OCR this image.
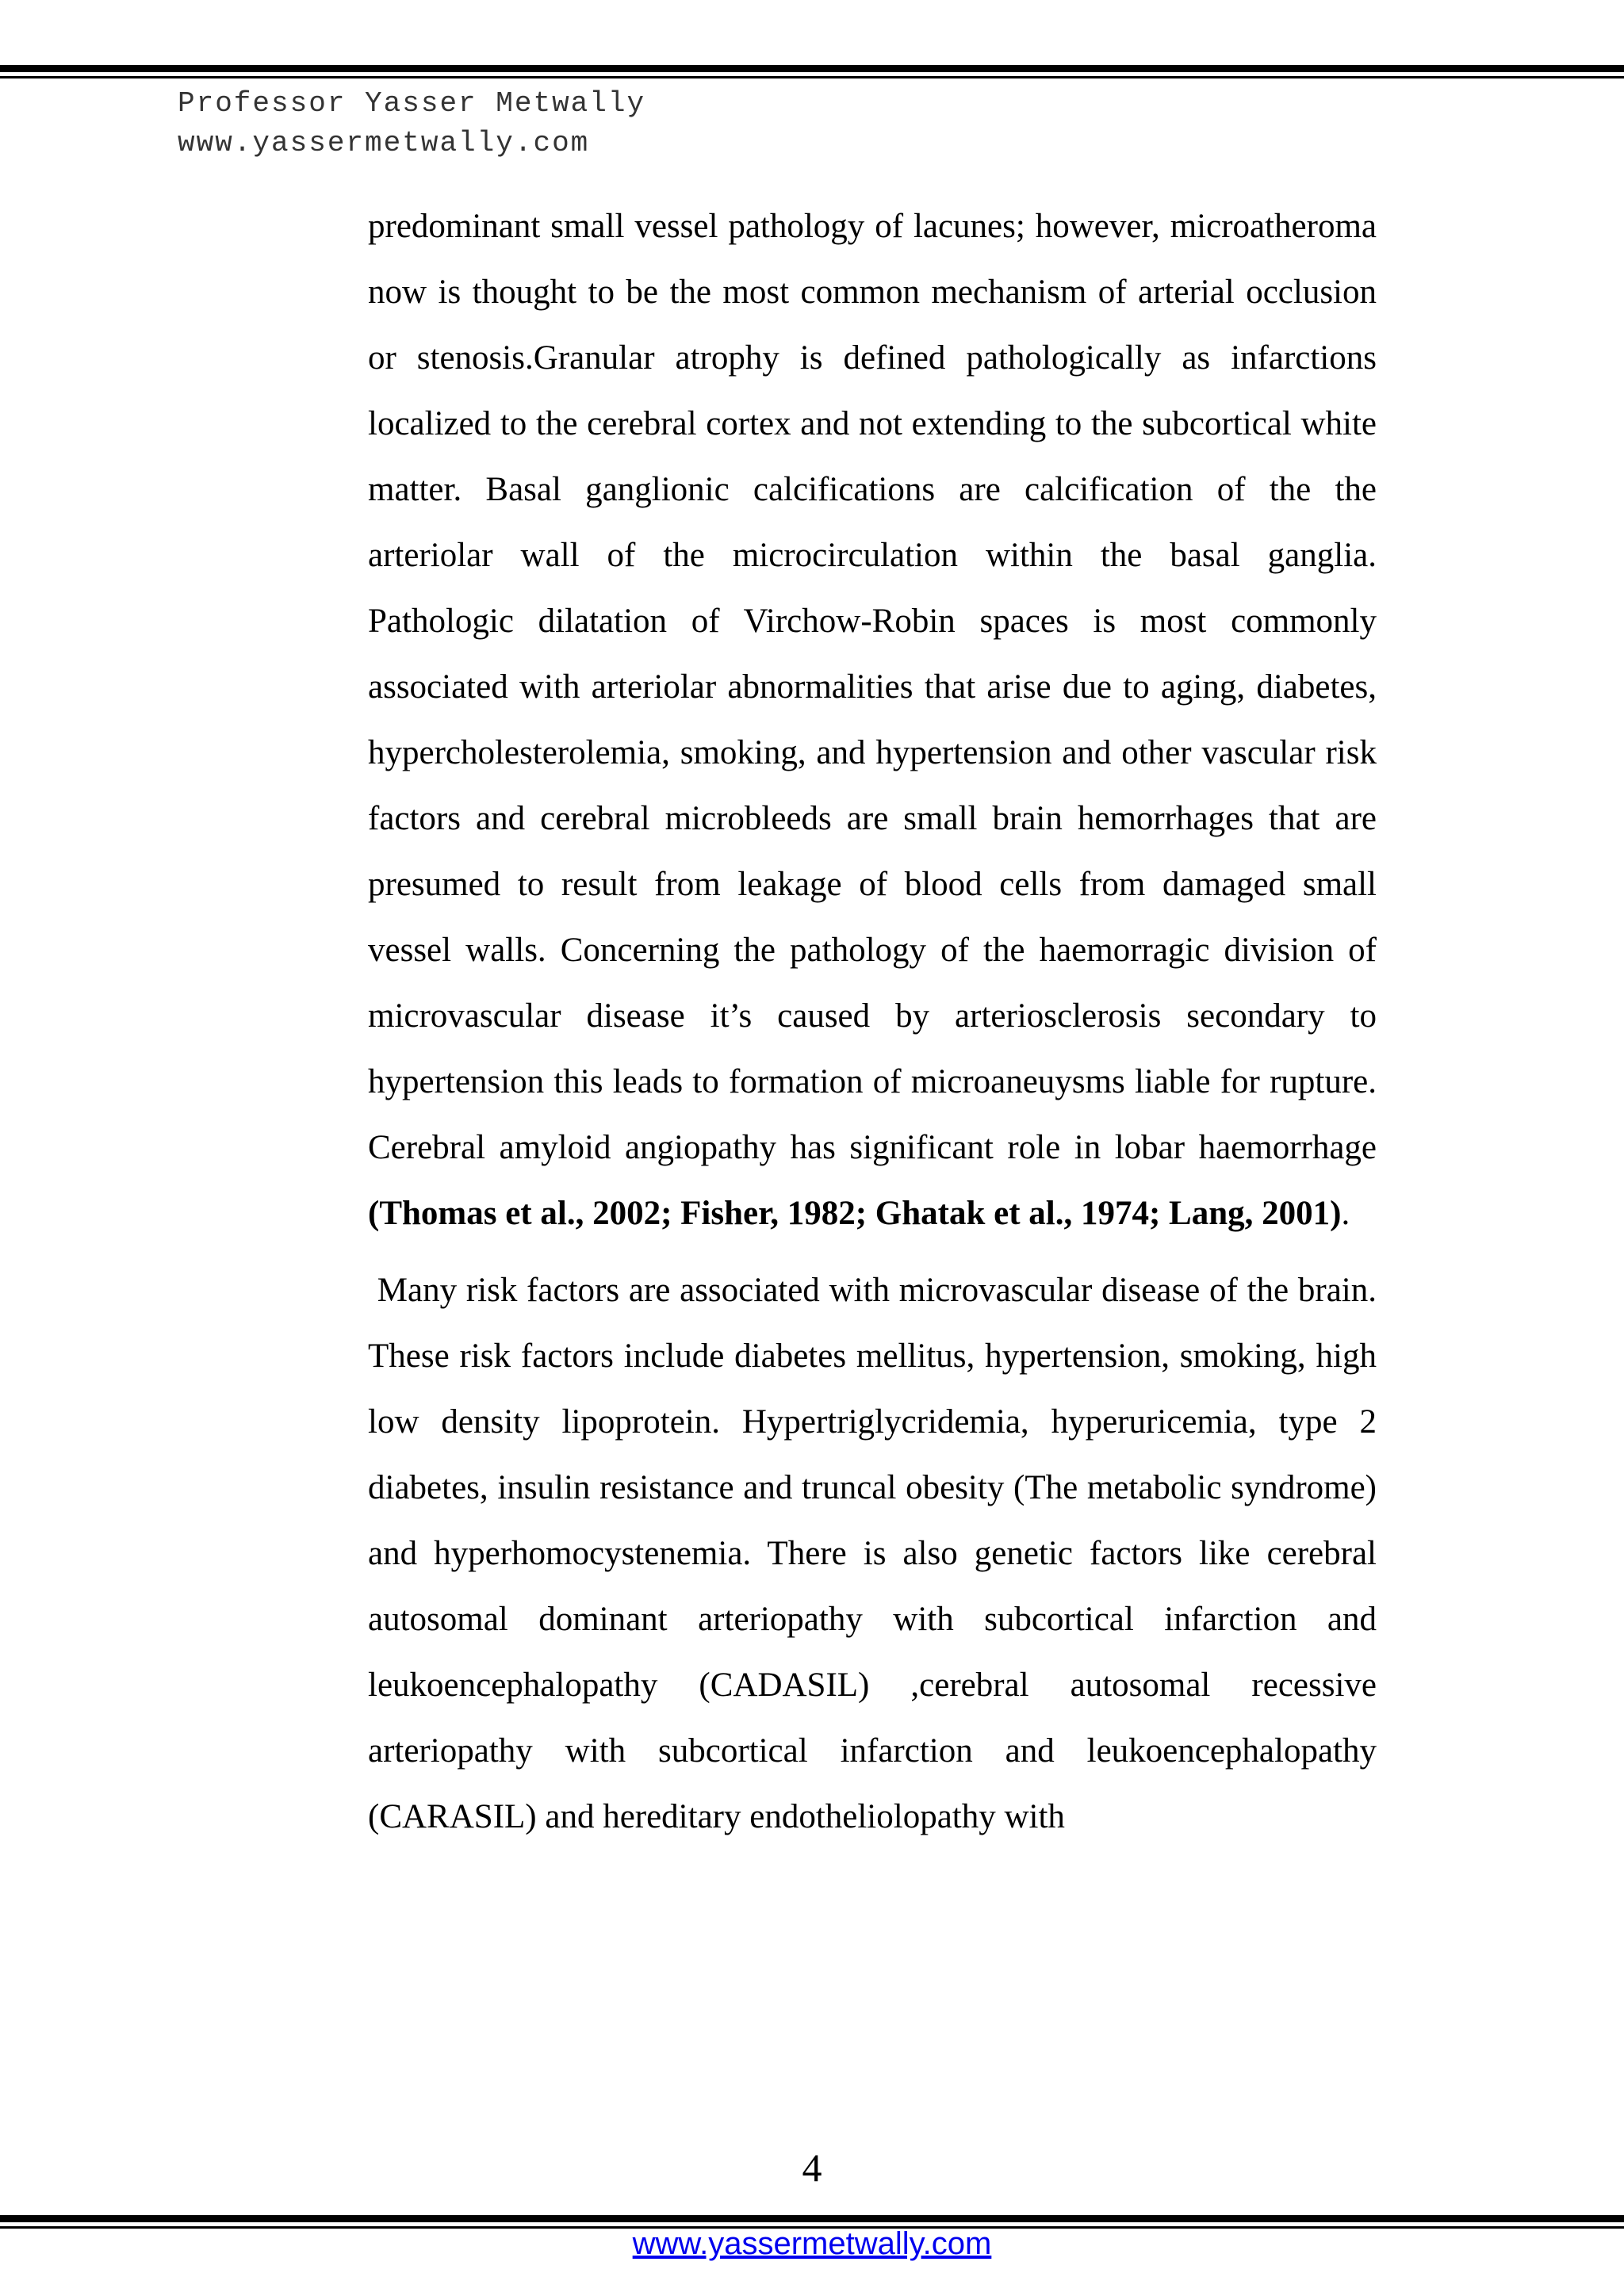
Professor Yasser Metwally
www.yassermetwally.com

predominant small vessel pathology of lacunes; however, microatheroma now is thought to be the most common mechanism of arterial occlusion or stenosis.Granular atrophy is defined pathologically as infarctions localized to the cerebral cortex and not extending to the subcortical white matter. Basal ganglionic calcifications are calcification of the the arteriolar wall of the microcirculation within the basal ganglia. Pathologic dilatation of Virchow-Robin spaces is most commonly associated with arteriolar abnormalities that arise due to aging, diabetes, hypercholesterolemia, smoking, and hypertension and other vascular risk factors and cerebral microbleeds are small brain hemorrhages that are presumed to result from leakage of blood cells from damaged small vessel walls. Concerning the pathology of the haemorragic division of microvascular disease it’s caused by arteriosclerosis secondary to hypertension this leads to formation of microaneuysms liable for rupture. Cerebral amyloid angiopathy has significant role in lobar haemorrhage (Thomas et al., 2002; Fisher, 1982; Ghatak et al., 1974; Lang, 2001).

Many risk factors are associated with microvascular disease of the brain. These risk factors include diabetes mellitus, hypertension, smoking, high low density lipoprotein. Hypertriglycridemia, hyperuricemia, type 2 diabetes, insulin resistance and truncal obesity (The metabolic syndrome) and hyperhomocystenemia. There is also genetic factors like cerebral autosomal dominant arteriopathy with subcortical infarction and leukoencephalopathy (CADASIL) ,cerebral autosomal recessive arteriopathy with subcortical infarction and leukoencephalopathy (CARASIL) and hereditary endotheliolopathy with

4
www.yassermetwally.com
